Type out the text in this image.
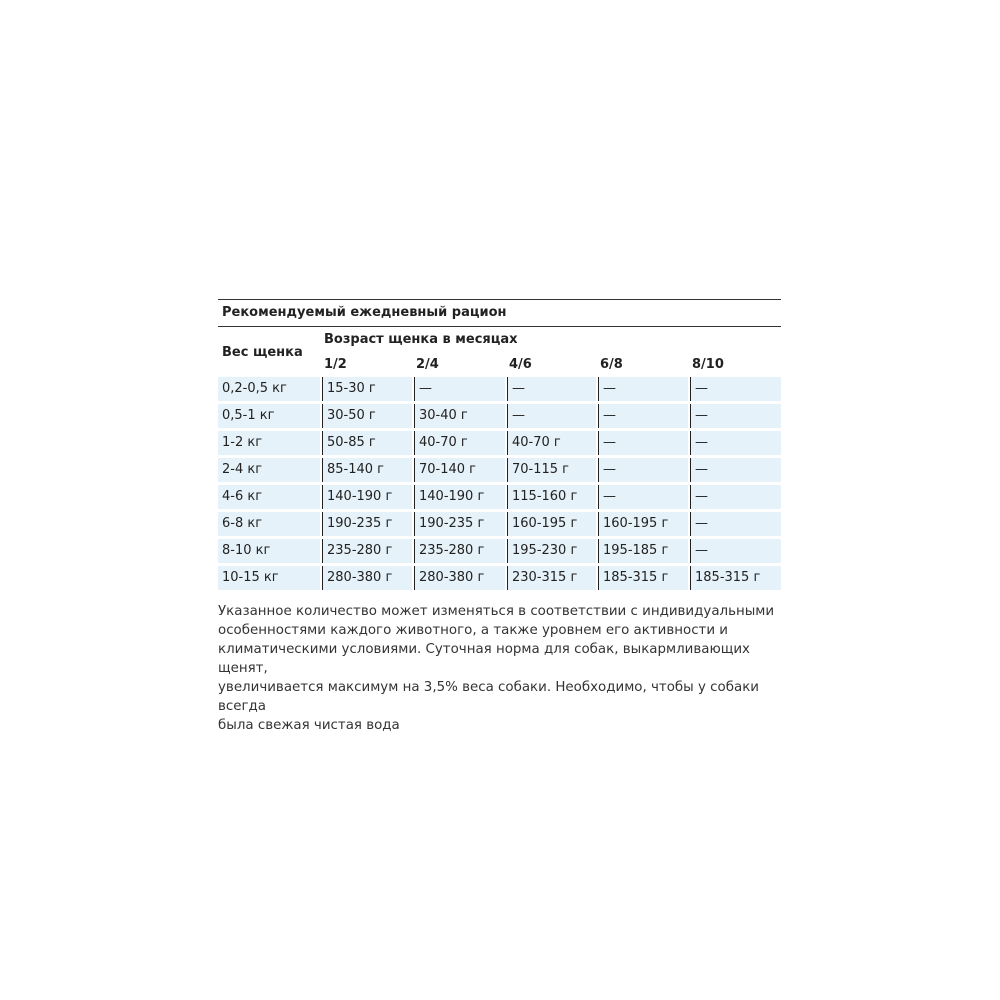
Рекомендуемый ежедневный рацион
Вес щенка
Возраст щенка в месяцах
1/2	2/4	4/6	6/8	8/10
0,2-0,5 кг	15-30 г	—	—	—	—
0,5-1 кг	30-50 г	30-40 г	—	—	—
1-2 кг	50-85 г	40-70 г	40-70 г	—	—
2-4 кг	85-140 г	70-140 г	70-115 г	—	—
4-6 кг	140-190 г	140-190 г	115-160 г	—	—
6-8 кг	190-235 г	190-235 г	160-195 г	160-195 г	—
8-10 кг	235-280 г	235-280 г	195-230 г	195-185 г	—
10-15 кг	280-380 г	280-380 г	230-315 г	185-315 г	185-315 г
Указанное количество может изменяться в соответствии с индивидуальными
особенностями каждого животного, а также уровнем его активности и
климатическими условиями. Суточная норма для собак, выкармливающих щенят,
увеличивается максимум на 3,5% веса собаки. Необходимо, чтобы у собаки всегда
была свежая чистая вода
